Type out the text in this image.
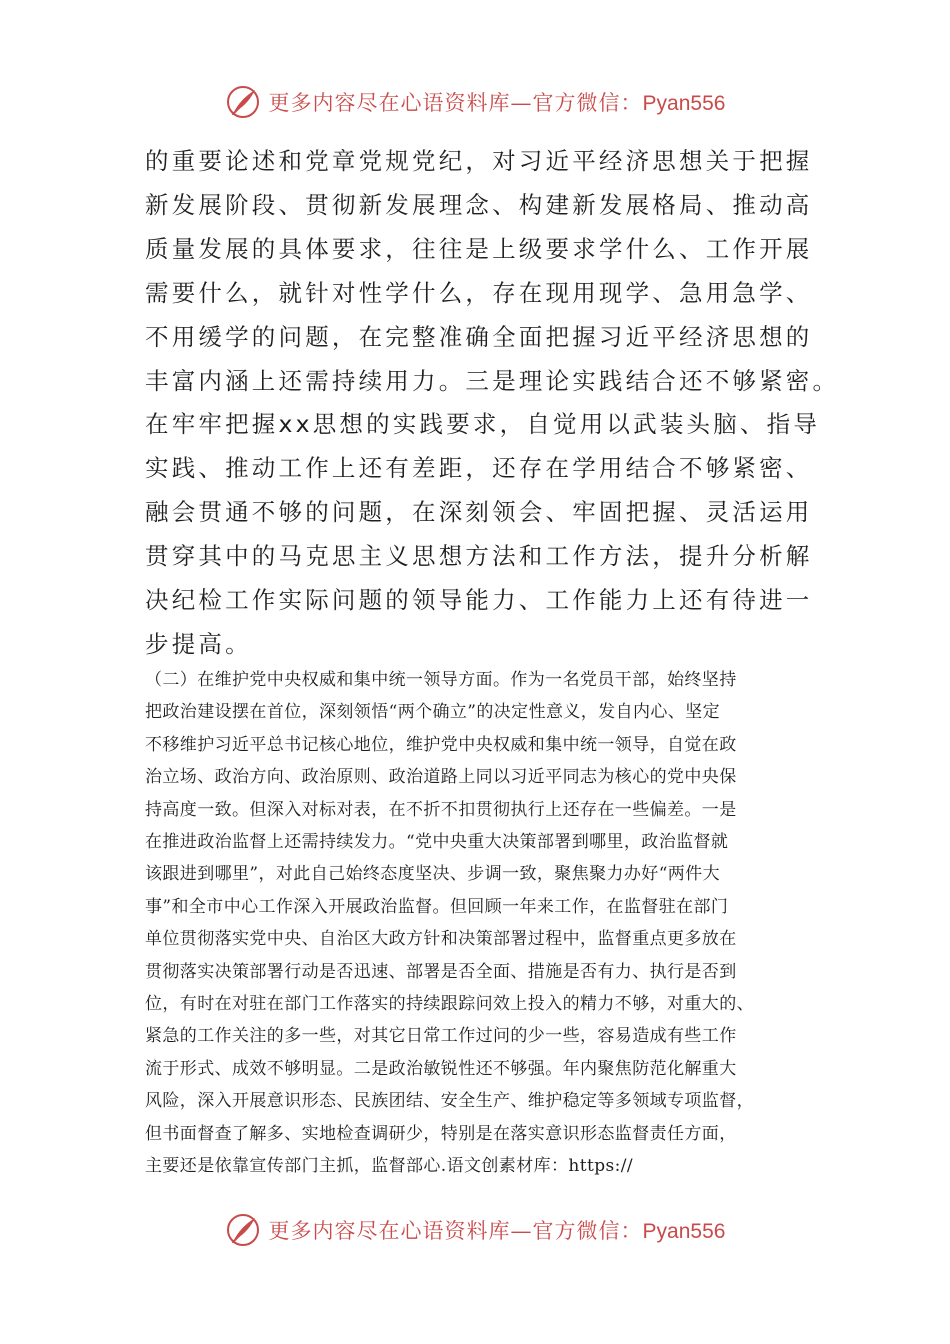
更多内容尽在心语资料库—官方微信：Pyan556
的重要论述和党章党规党纪，对习近平经济思想关于把握
新发展阶段、贯彻新发展理念、构建新发展格局、推动高
质量发展的具体要求，往往是上级要求学什么、工作开展
需要什么，就针对性学什么，存在现用现学、急用急学、
不用缓学的问题，在完整准确全面把握习近平经济思想的
丰富内涵上还需持续用力。三是理论实践结合还不够紧密。
在牢牢把握xx思想的实践要求，自觉用以武装头脑、指导
实践、推动工作上还有差距，还存在学用结合不够紧密、
融会贯通不够的问题，在深刻领会、牢固把握、灵活运用
贯穿其中的马克思主义思想方法和工作方法，提升分析解
决纪检工作实际问题的领导能力、工作能力上还有待进一
步提高。
（二）在维护党中央权威和集中统一领导方面。作为一名党员干部，始终坚持
把政治建设摆在首位，深刻领悟“两个确立”的决定性意义，发自内心、坚定
不移维护习近平总书记核心地位，维护党中央权威和集中统一领导，自觉在政
治立场、政治方向、政治原则、政治道路上同以习近平同志为核心的党中央保
持高度一致。但深入对标对表，在不折不扣贯彻执行上还存在一些偏差。一是
在推进政治监督上还需持续发力。“党中央重大决策部署到哪里，政治监督就
该跟进到哪里”，对此自己始终态度坚决、步调一致，聚焦聚力办好“两件大
事”和全市中心工作深入开展政治监督。但回顾一年来工作，在监督驻在部门
单位贯彻落实党中央、自治区大政方针和决策部署过程中，监督重点更多放在
贯彻落实决策部署行动是否迅速、部署是否全面、措施是否有力、执行是否到
位，有时在对驻在部门工作落实的持续跟踪问效上投入的精力不够，对重大的、
紧急的工作关注的多一些，对其它日常工作过问的少一些，容易造成有些工作
流于形式、成效不够明显。二是政治敏锐性还不够强。年内聚焦防范化解重大
风险，深入开展意识形态、民族团结、安全生产、维护稳定等多领域专项监督，
但书面督查了解多、实地检查调研少，特别是在落实意识形态监督责任方面，
主要还是依靠宣传部门主抓，监督部心.语文创素材库：https://
更多内容尽在心语资料库—官方微信：Pyan556
